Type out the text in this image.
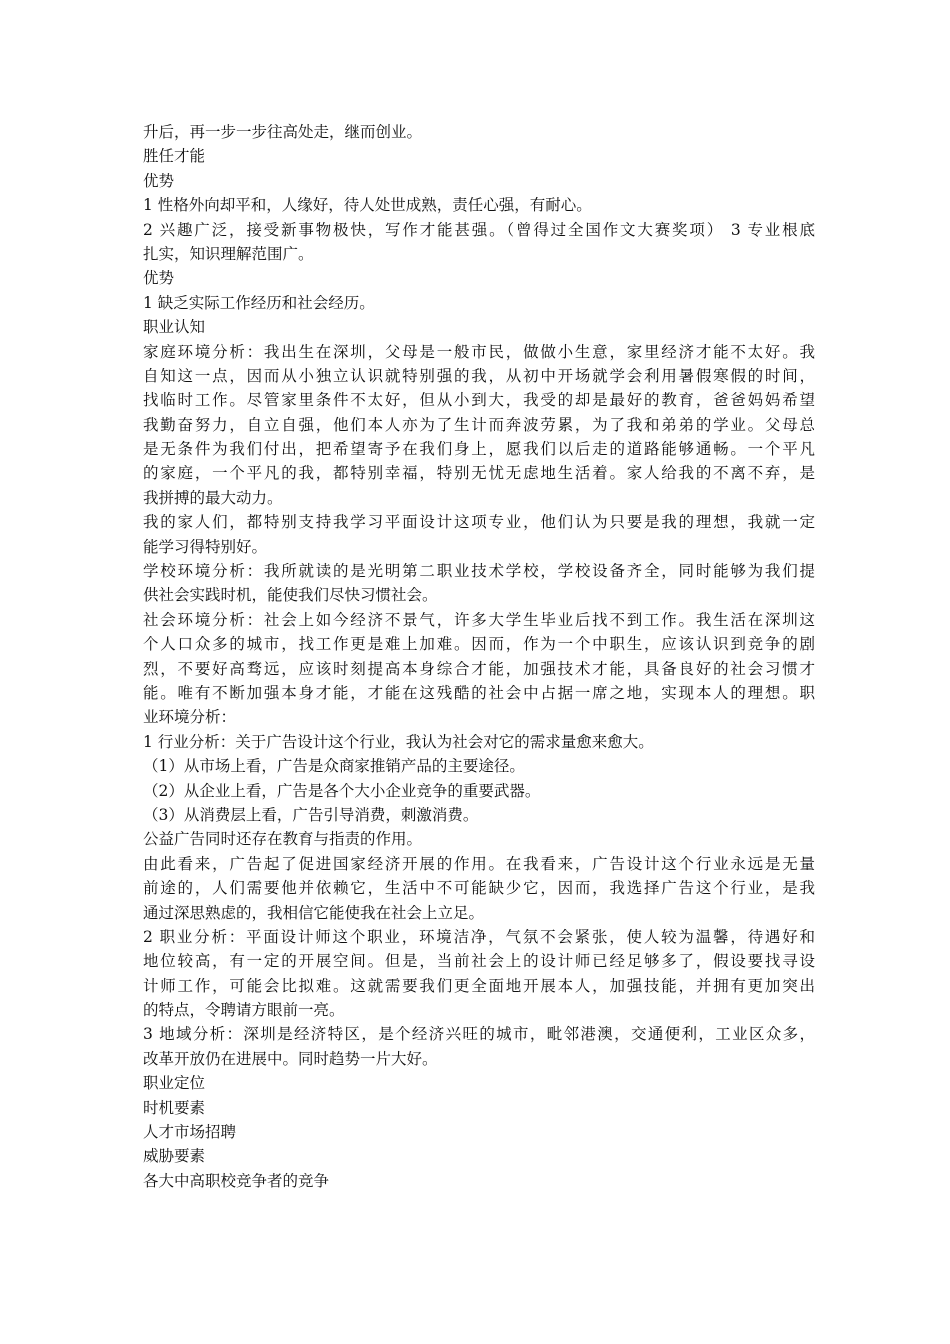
升后，再一步一步往高处走，继而创业。
胜任才能
优势
1 性格外向却平和，人缘好，待人处世成熟，责任心强，有耐心。
2 兴趣广泛，接受新事物极快，写作才能甚强。（曾得过全国作文大赛奖项） 3 专业根底
扎实，知识理解范围广。
优势
1 缺乏实际工作经历和社会经历。
职业认知
家庭环境分析：我出生在深圳，父母是一般市民，做做小生意，家里经济才能不太好。我
自知这一点，因而从小独立认识就特别强的我，从初中开场就学会利用暑假寒假的时间，
找临时工作。尽管家里条件不太好，但从小到大，我受的却是最好的教育，爸爸妈妈希望
我勤奋努力，自立自强，他们本人亦为了生计而奔波劳累，为了我和弟弟的学业。父母总
是无条件为我们付出，把希望寄予在我们身上，愿我们以后走的道路能够通畅。一个平凡
的家庭，一个平凡的我，都特别幸福，特别无忧无虑地生活着。家人给我的不离不弃，是
我拼搏的最大动力。
我的家人们，都特别支持我学习平面设计这项专业，他们认为只要是我的理想，我就一定
能学习得特别好。
学校环境分析：我所就读的是光明第二职业技术学校，学校设备齐全，同时能够为我们提
供社会实践时机，能使我们尽快习惯社会。
社会环境分析：社会上如今经济不景气，许多大学生毕业后找不到工作。我生活在深圳这
个人口众多的城市，找工作更是难上加难。因而，作为一个中职生，应该认识到竞争的剧
烈，不要好高骛远，应该时刻提高本身综合才能，加强技术才能，具备良好的社会习惯才
能。唯有不断加强本身才能，才能在这残酷的社会中占据一席之地，实现本人的理想。职
业环境分析：
1 行业分析：关于广告设计这个行业，我认为社会对它的需求量愈来愈大。
（1）从市场上看，广告是众商家推销产品的主要途径。
（2）从企业上看，广告是各个大小企业竞争的重要武器。
（3）从消费层上看，广告引导消费，刺激消费。
公益广告同时还存在教育与指责的作用。
由此看来，广告起了促进国家经济开展的作用。在我看来，广告设计这个行业永远是无量
前途的，人们需要他并依赖它，生活中不可能缺少它，因而，我选择广告这个行业，是我
通过深思熟虑的，我相信它能使我在社会上立足。
2 职业分析：平面设计师这个职业，环境洁净，气氛不会紧张，使人较为温馨，待遇好和
地位较高，有一定的开展空间。但是，当前社会上的设计师已经足够多了，假设要找寻设
计师工作，可能会比拟难。这就需要我们更全面地开展本人，加强技能，并拥有更加突出
的特点，令聘请方眼前一亮。
3 地域分析：深圳是经济特区，是个经济兴旺的城市，毗邻港澳，交通便利，工业区众多，
改革开放仍在进展中。同时趋势一片大好。
职业定位
时机要素
人才市场招聘
威胁要素
各大中高职校竞争者的竞争
